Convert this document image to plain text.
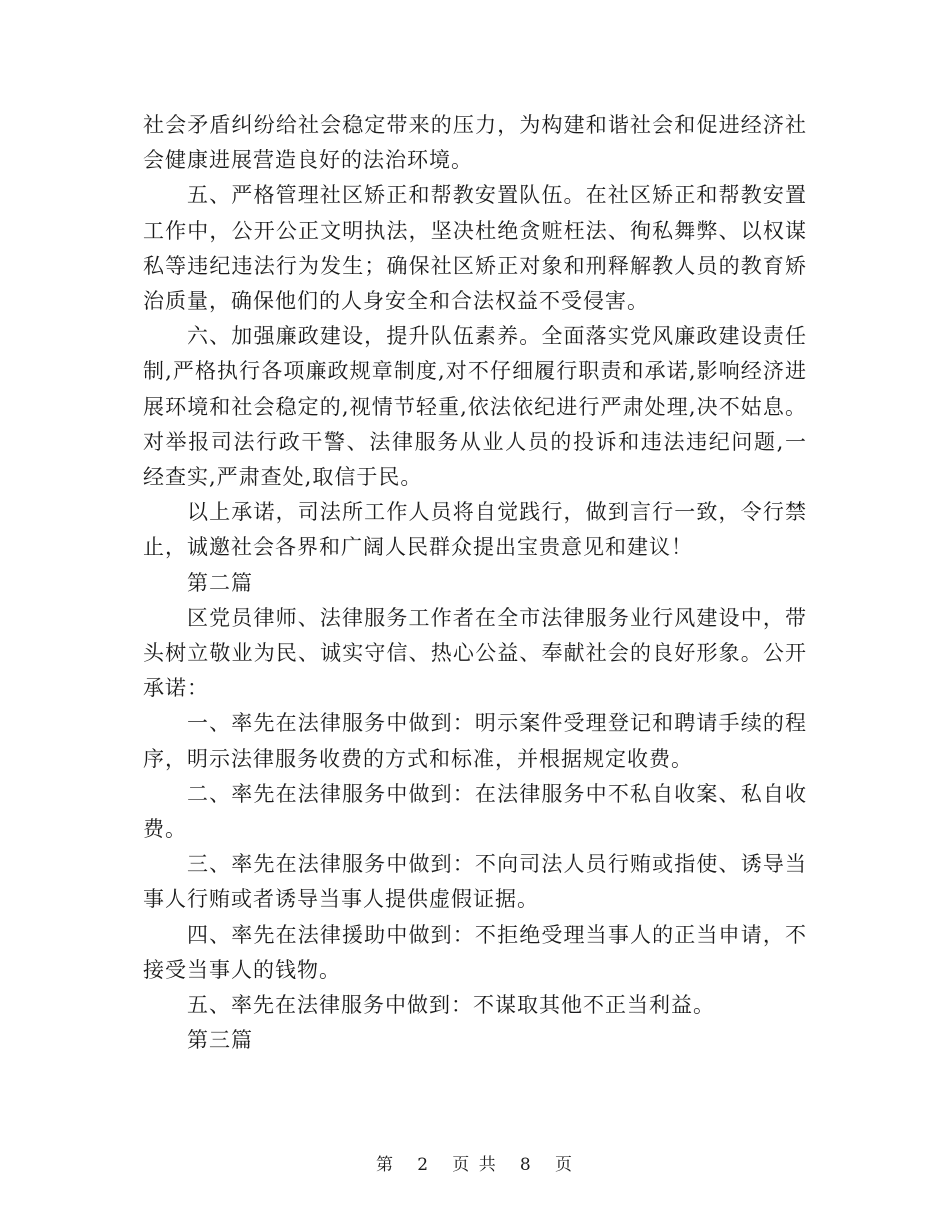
社会矛盾纠纷给社会稳定带来的压力，为构建和谐社会和促进经济社会健康进展营造良好的法治环境。

五、严格管理社区矫正和帮教安置队伍。在社区矫正和帮教安置工作中，公开公正文明执法，坚决杜绝贪赃枉法、徇私舞弊、以权谋私等违纪违法行为发生；确保社区矫正对象和刑释解教人员的教育矫治质量，确保他们的人身安全和合法权益不受侵害。

六、加强廉政建设，提升队伍素养。全面落实党风廉政建设责任制,严格执行各项廉政规章制度,对不仔细履行职责和承诺,影响经济进展环境和社会稳定的,视情节轻重,依法依纪进行严肃处理,决不姑息。对举报司法行政干警、法律服务从业人员的投诉和违法违纪问题,一经查实,严肃查处,取信于民。

以上承诺，司法所工作人员将自觉践行，做到言行一致，令行禁止，诚邀社会各界和广阔人民群众提出宝贵意见和建议！

第二篇

区党员律师、法律服务工作者在全市法律服务业行风建设中，带头树立敬业为民、诚实守信、热心公益、奉献社会的良好形象。公开承诺：

一、率先在法律服务中做到：明示案件受理登记和聘请手续的程序，明示法律服务收费的方式和标准，并根据规定收费。

二、率先在法律服务中做到：在法律服务中不私自收案、私自收费。

三、率先在法律服务中做到：不向司法人员行贿或指使、诱导当事人行贿或者诱导当事人提供虚假证据。

四、率先在法律援助中做到：不拒绝受理当事人的正当申请，不接受当事人的钱物。

五、率先在法律服务中做到：不谋取其他不正当利益。

第三篇

第 2 页 共 8 页
